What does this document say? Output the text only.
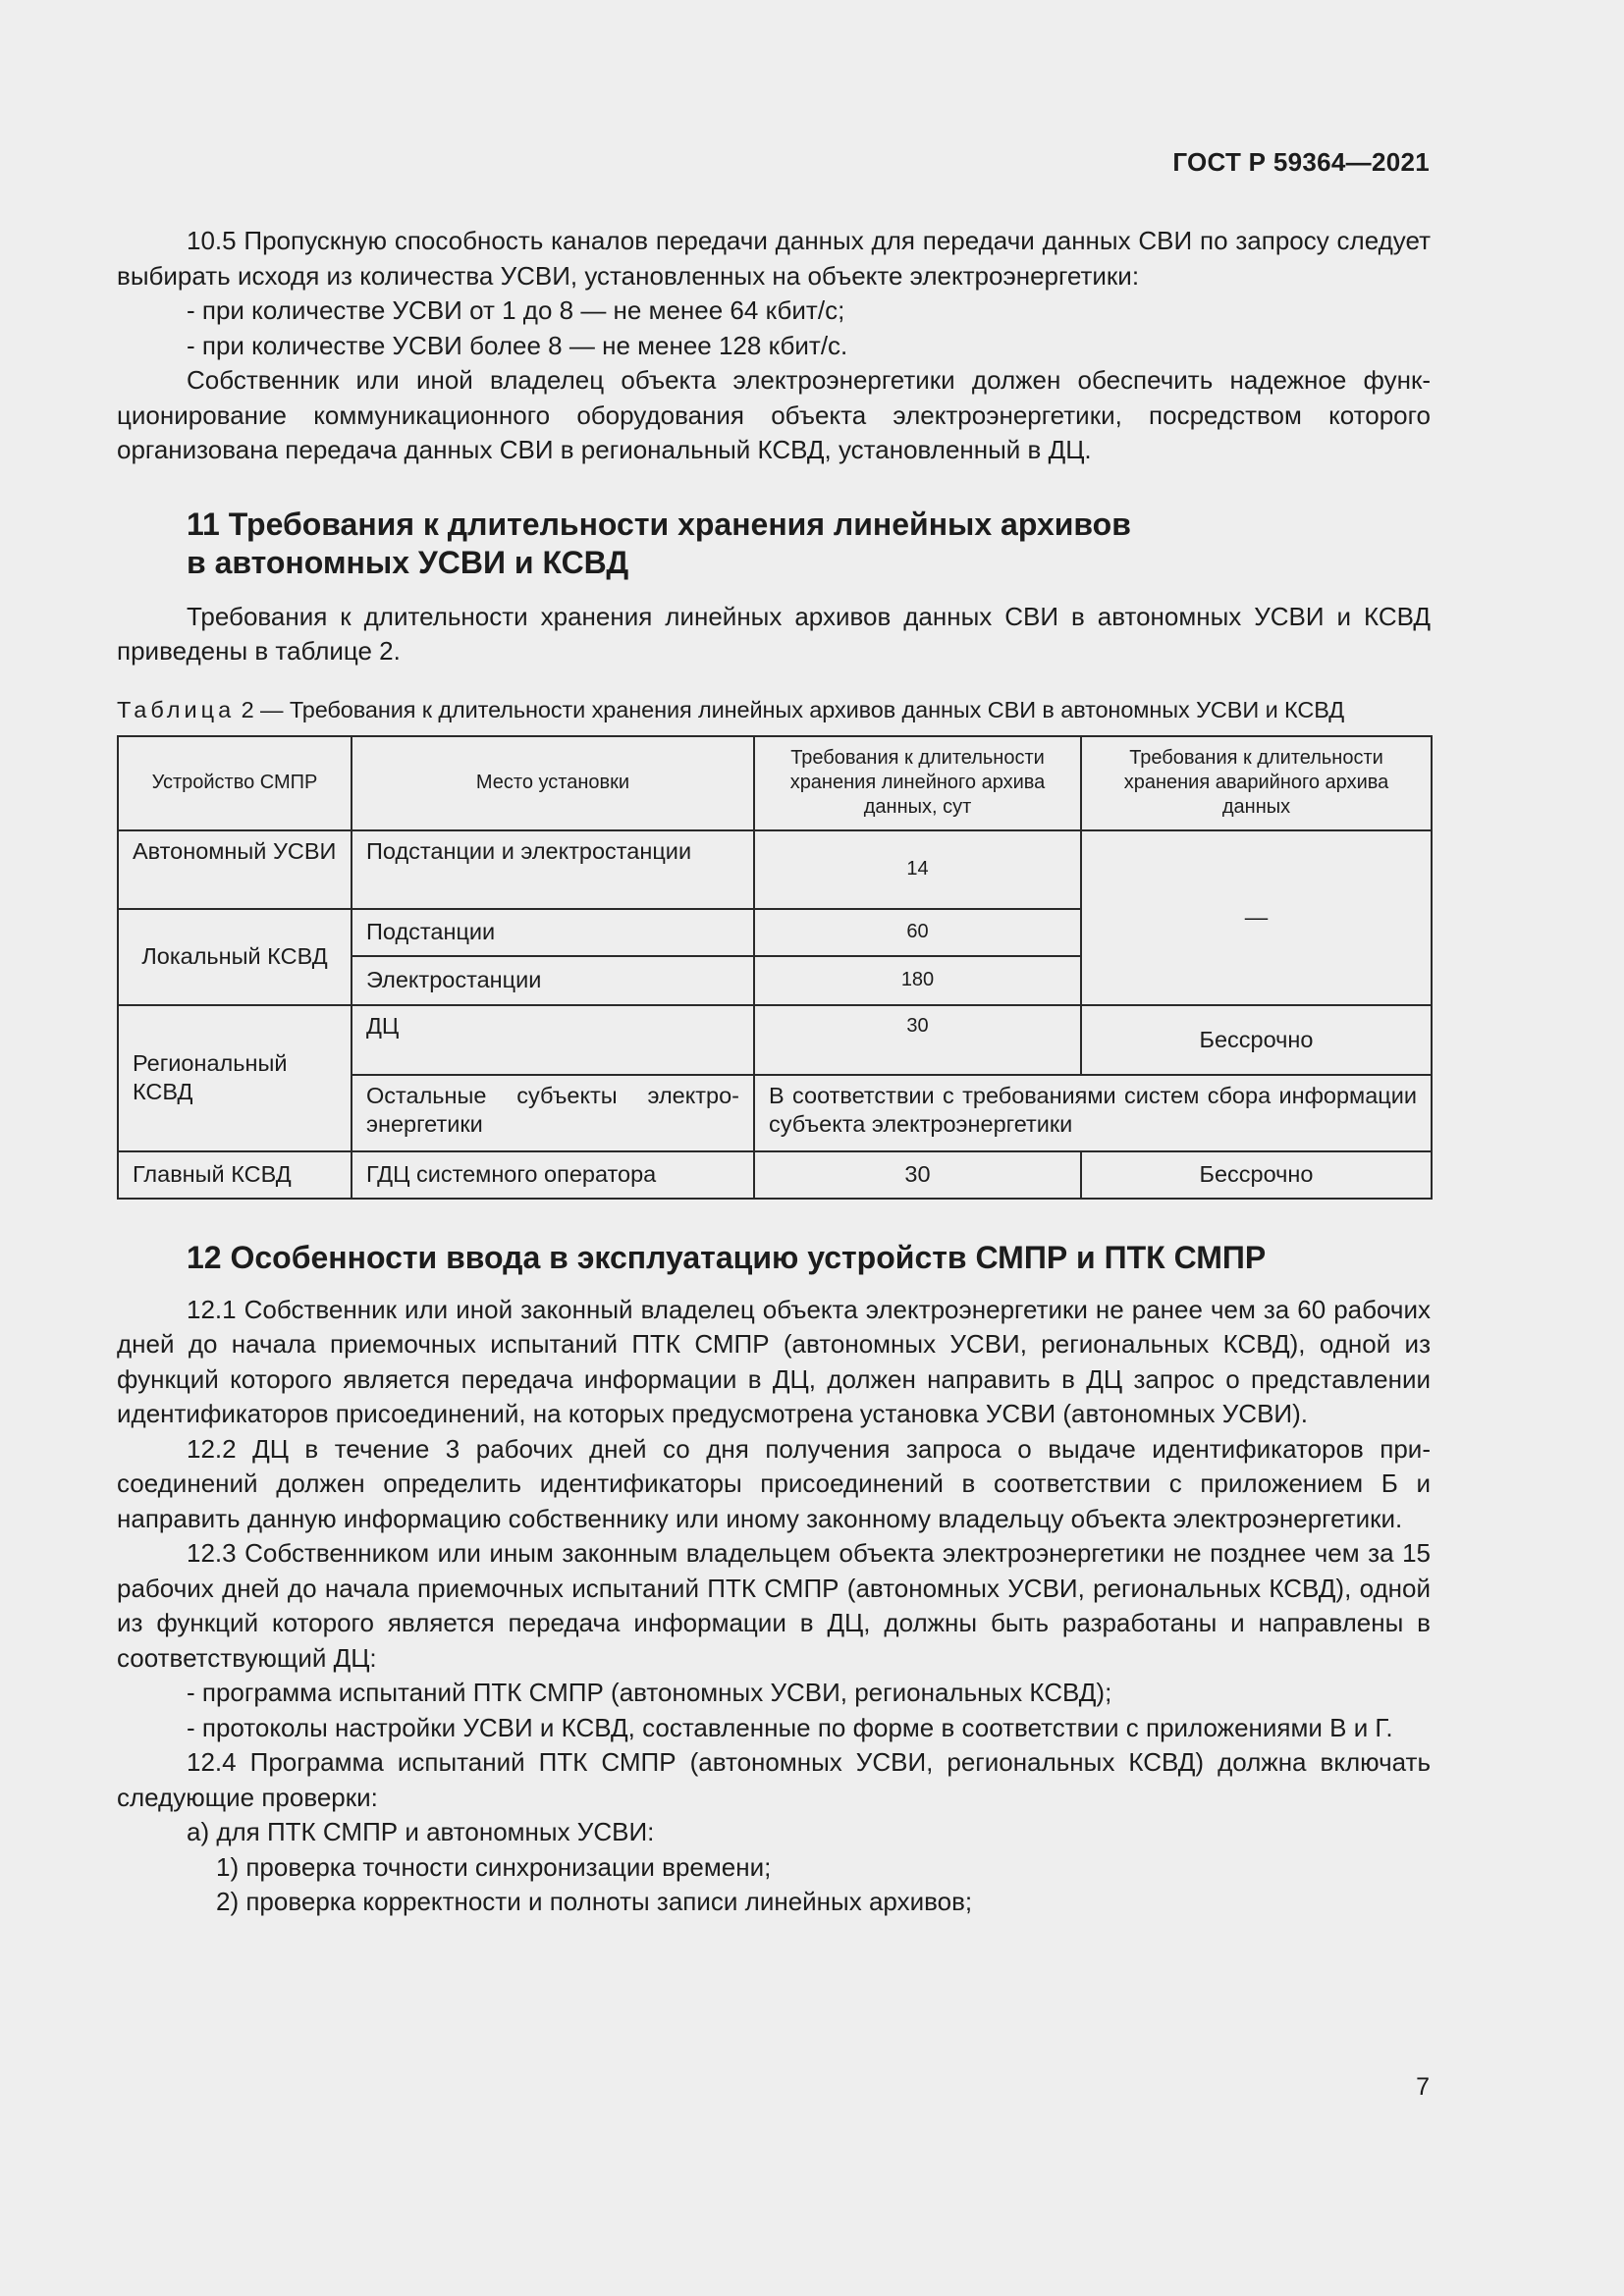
ГОСТ Р 59364—2021

10.5 Пропускную способность каналов передачи данных для передачи данных СВИ по запросу следует выбирать исходя из количества УСВИ, установленных на объекте электроэнергетики:

- при количестве УСВИ от 1 до 8 — не менее 64 кбит/с;

- при количестве УСВИ более 8 — не менее 128 кбит/с.

Собственник или иной владелец объекта электроэнергетики должен обеспечить надежное функционирование коммуникационного оборудования объекта электроэнергетики, посредством которого организована передача данных СВИ в региональный КСВД, установленный в ДЦ.

11 Требования к длительности хранения линейных архивов
в автономных УСВИ и КСВД

Требования к длительности хранения линейных архивов данных СВИ в автономных УСВИ и КСВД приведены в таблице 2.

Таблица 2 — Требования к длительности хранения линейных архивов данных СВИ в автономных УСВИ и КСВД
Устройство СМПР	Место установки	Требования к длительности хранения линейного архива данных, сут	Требования к длительности хранения аварийного архива данных
Автономный УСВИ	Подстанции и электростанции	14	—
Локальный КСВД	Подстанции	60	
	Электростанции	180	
Региональный КСВД	ДЦ	30	Бессрочно
	Остальные субъекты электроэнергетики	В соответствии с требованиями систем сбора информации субъекта электроэнергетики	
Главный КСВД	ГДЦ системного оператора	30	Бессрочно
12 Особенности ввода в эксплуатацию устройств СМПР и ПТК СМПР

12.1 Собственник или иной законный владелец объекта электроэнергетики не ранее чем за 60 рабочих дней до начала приемочных испытаний ПТК СМПР (автономных УСВИ, региональных КСВД), одной из функций которого является передача информации в ДЦ, должен направить в ДЦ запрос о представлении идентификаторов присоединений, на которых предусмотрена установка УСВИ (автономных УСВИ).

12.2 ДЦ в течение 3 рабочих дней со дня получения запроса о выдаче идентификаторов присоединений должен определить идентификаторы присоединений в соответствии с приложением Б и направить данную информацию собственнику или иному законному владельцу объекта электроэнергетики.

12.3 Собственником или иным законным владельцем объекта электроэнергетики не позднее чем за 15 рабочих дней до начала приемочных испытаний ПТК СМПР (автономных УСВИ, региональных КСВД), одной из функций которого является передача информации в ДЦ, должны быть разработаны и направлены в соответствующий ДЦ:

- программа испытаний ПТК СМПР (автономных УСВИ, региональных КСВД);

- протоколы настройки УСВИ и КСВД, составленные по форме в соответствии с приложениями В и Г.

12.4 Программа испытаний ПТК СМПР (автономных УСВИ, региональных КСВД) должна включать следующие проверки:

а) для ПТК СМПР и автономных УСВИ:

1) проверка точности синхронизации времени;

2) проверка корректности и полноты записи линейных архивов;

7
